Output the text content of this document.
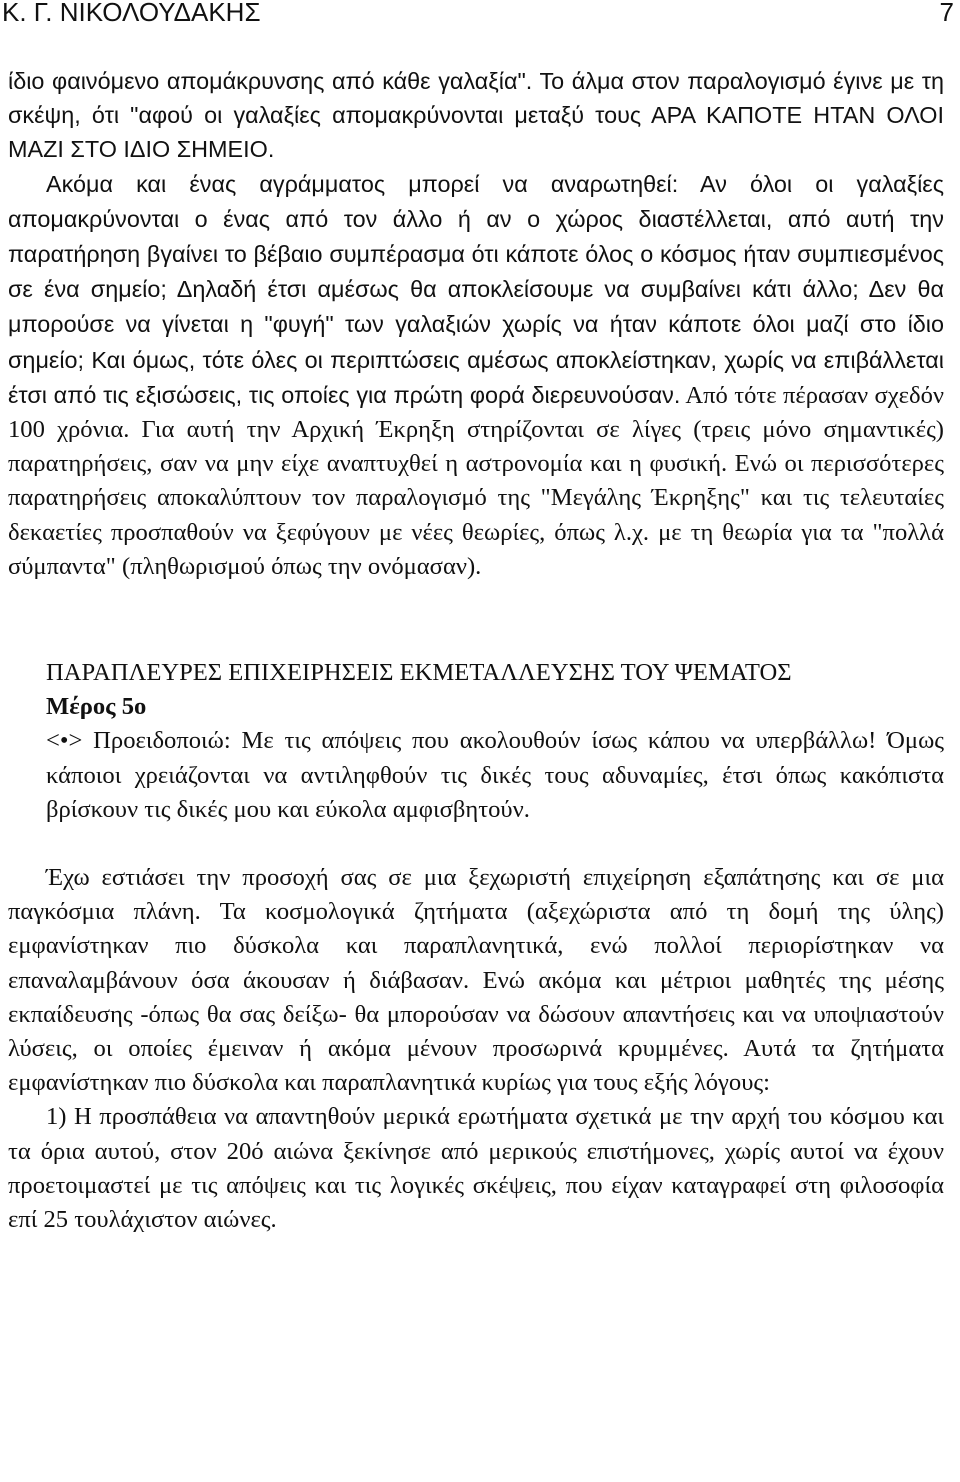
Κ. Γ. ΝΙΚΟΛΟΥΔΑΚΗΣ	7

ίδιο φαινόμενο απομάκρυνσης από κάθε γαλαξία". Το άλμα στον παραλογισμό έγινε με τη σκέψη, ότι "αφού οι γαλαξίες απομακρύνονται μεταξύ τους ΑΡΑ ΚΑΠΟΤΕ ΗΤΑΝ ΟΛΟΙ ΜΑΖΙ ΣΤΟ ΙΔΙΟ ΣΗΜΕΙΟ.

Ακόμα και ένας αγράμματος μπορεί να αναρωτηθεί: Αν όλοι οι γαλαξίες απομακρύνονται ο ένας από τον άλλο ή αν ο χώρος διαστέλλεται, από αυτή την παρατήρηση βγαίνει το βέβαιο συμπέρασμα ότι κάποτε όλος ο κόσμος ήταν συμπιεσμένος σε ένα σημείο; Δηλαδή έτσι αμέσως θα αποκλείσουμε να συμβαίνει κάτι άλλο; Δεν θα μπορούσε να γίνεται η "φυγή" των γαλαξιών χωρίς να ήταν κάποτε όλοι μαζί στο ίδιο σημείο; Και όμως, τότε όλες οι περιπτώσεις αμέσως αποκλείστηκαν, χωρίς να επιβάλλεται έτσι από τις εξισώσεις, τις οποίες για πρώτη φορά διερευνούσαν. Από τότε πέρασαν σχεδόν 100 χρόνια. Για αυτή την Αρχική Έκρηξη στηρίζονται σε λίγες (τρεις μόνο σημαντικές) παρατηρήσεις, σαν να μην είχε αναπτυχθεί η αστρονομία και η φυσική. Ενώ οι περισσότερες παρατηρήσεις αποκαλύπτουν τον παραλογισμό της "Μεγάλης Έκρηξης" και τις τελευταίες δεκαετίες προσπαθούν να ξεφύγουν με νέες θεωρίες, όπως λ.χ. με τη θεωρία για τα "πολλά σύμπαντα" (πληθωρισμού όπως την ονόμασαν).

ΠΑΡΑΠΛΕΥΡΕΣ ΕΠΙΧΕΙΡΗΣΕΙΣ ΕΚΜΕΤΑΛΛΕΥΣΗΣ ΤΟΥ ΨΕΜΑΤΟΣ

Μέρος 5ο

<•> Προειδοποιώ: Με τις απόψεις που ακολουθούν ίσως κάπου να υπερβάλλω! Όμως κάποιοι χρειάζονται να αντιληφθούν τις δικές τους αδυναμίες, έτσι όπως κακόπιστα βρίσκουν τις δικές μου και εύκολα αμφισβητούν.

Έχω εστιάσει την προσοχή σας σε μια ξεχωριστή επιχείρηση εξαπάτησης και σε μια παγκόσμια πλάνη. Τα κοσμολογικά ζητήματα (αξεχώριστα από τη δομή της ύλης) εμφανίστηκαν πιο δύσκολα και παραπλανητικά, ενώ πολλοί περιορίστηκαν να επαναλαμβάνουν όσα άκουσαν ή διάβασαν. Ενώ ακόμα και μέτριοι μαθητές της μέσης εκπαίδευσης -όπως θα σας δείξω- θα μπορούσαν να δώσουν απαντήσεις και να υποψιαστούν λύσεις, οι οποίες έμειναν ή ακόμα μένουν προσωρινά κρυμμένες. Αυτά τα ζητήματα εμφανίστηκαν πιο δύσκολα και παραπλανητικά κυρίως για τους εξής λόγους:

1) Η προσπάθεια να απαντηθούν μερικά ερωτήματα σχετικά με την αρχή του κόσμου και τα όρια αυτού, στον 20ό αιώνα ξεκίνησε από μερικούς επιστήμονες, χωρίς αυτοί να έχουν προετοιμαστεί με τις απόψεις και τις λογικές σκέψεις, που είχαν καταγραφεί στη φιλοσοφία επί 25 τουλάχιστον αιώνες.
